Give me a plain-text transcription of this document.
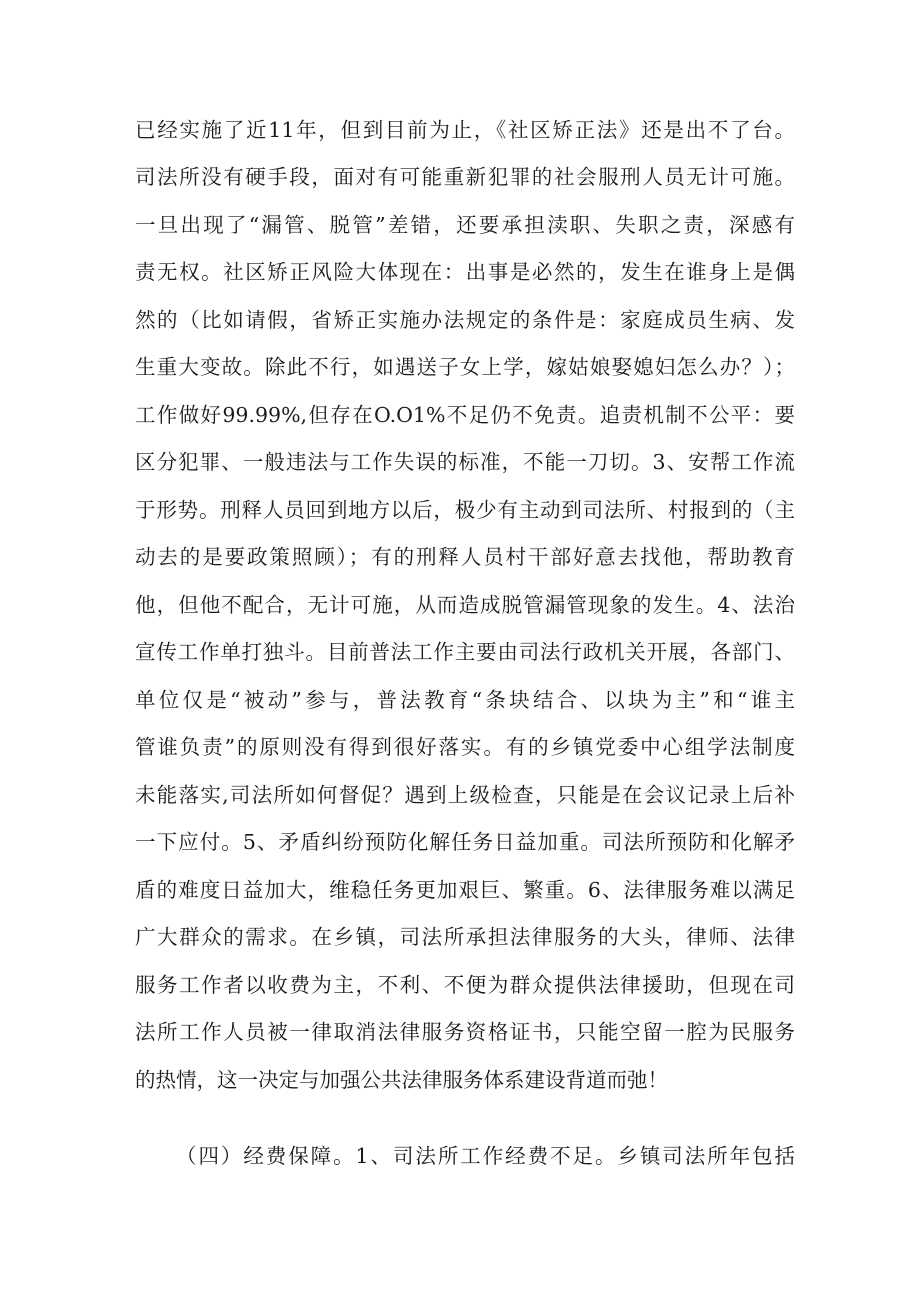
已经实施了近11年，但到目前为止，《社区矫正法》还是出不了台。
司法所没有硬手段，面对有可能重新犯罪的社会服刑人员无计可施。
一旦出现了“漏管、脱管”差错，还要承担渎职、失职之责，深感有
责无权。社区矫正风险大体现在：出事是必然的，发生在谁身上是偶
然的（比如请假，省矫正实施办法规定的条件是：家庭成员生病、发
生重大变故。除此不行，如遇送子女上学，嫁姑娘娶媳妇怎么办？）；
工作做好99.99%,但存在O.O1%不足仍不免责。追责机制不公平：要
区分犯罪、一般违法与工作失误的标准，不能一刀切。3、安帮工作流
于形势。刑释人员回到地方以后，极少有主动到司法所、村报到的（主
动去的是要政策照顾）；有的刑释人员村干部好意去找他，帮助教育
他，但他不配合，无计可施，从而造成脱管漏管现象的发生。4、法治
宣传工作单打独斗。目前普法工作主要由司法行政机关开展，各部门、
单位仅是“被动”参与，普法教育“条块结合、以块为主”和“谁主
管谁负责”的原则没有得到很好落实。有的乡镇党委中心组学法制度
未能落实,司法所如何督促？遇到上级检查，只能是在会议记录上后补
一下应付。5、矛盾纠纷预防化解任务日益加重。司法所预防和化解矛
盾的难度日益加大，维稳任务更加艰巨、繁重。6、法律服务难以满足
广大群众的需求。在乡镇，司法所承担法律服务的大头，律师、法律
服务工作者以收费为主，不利、不便为群众提供法律援助，但现在司
法所工作人员被一律取消法律服务资格证书，只能空留一腔为民服务
的热情，这一决定与加强公共法律服务体系建设背道而弛！
（四）经费保障。1、司法所工作经费不足。乡镇司法所年包括
